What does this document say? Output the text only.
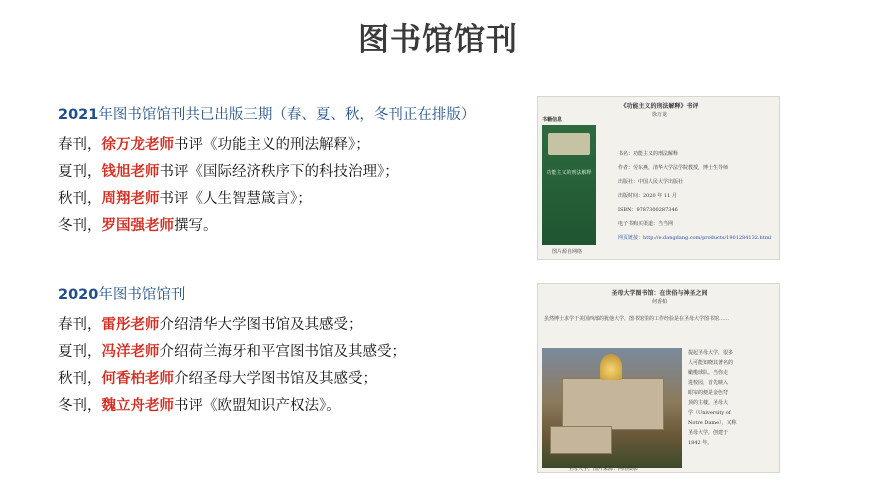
图书馆馆刊
2021年图书馆馆刊共已出版三期（春、夏、秋，冬刊正在排版）
春刊，徐万龙老师书评《功能主义的刑法解释》；
夏刊，钱旭老师书评《国际经济秩序下的科技治理》；
秋刊，周翔老师书评《人生智慧箴言》；
冬刊，罗国强老师撰写。
2020年图书馆馆刊
春刊，雷彤老师介绍清华大学图书馆及其感受；
夏刊，冯洋老师介绍荷兰海牙和平宫图书馆及其感受；
秋刊，何香柏老师介绍圣母大学图书馆及其感受；
冬刊，魏立舟老师书评《欧盟知识产权法》。
《功能主义的刑法解释》书评
徐万龙
书籍信息
功能主义的刑法解释
书名：功能主义的刑法解释
作者：劳东燕，清华大学法学院教授，博士生导师
出版社：中国人民大学出版社
出版时间：2020 年 11 月
ISBN：9787300287346
电子书购买渠道：当当网
网页链接：http://e.dangdang.com/products/1901284132.html
图片源自网络
圣母大学图书馆：在世俗与神圣之间
何香柏
虽然博士求学于美国西部的犹他大学，图书馆里的工作经验是在圣母大学图书馆……
提起圣母大学，很多
人可能知晓其著名的
橄榄球队。当你走
进校园，首先映入
眼帘的便是金色穹
顶的主楼。圣母大
学（University of
Notre Dame），又称
圣母大学，创建于
1842 年。
圣母大学，图片来源：网络摄影
